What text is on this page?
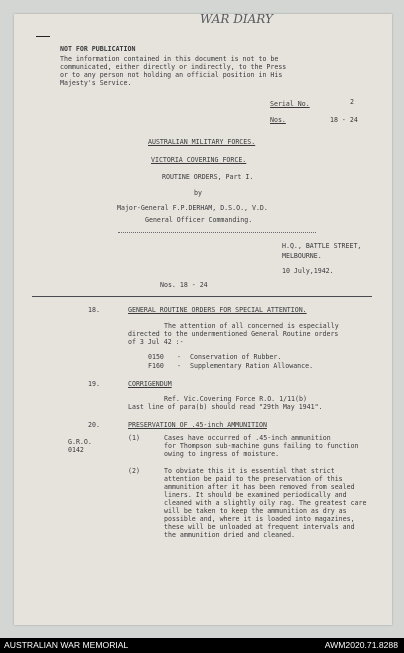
WAR DIARY
NOT FOR PUBLICATION
The information contained in this document is not to be
communicated, either directly or indirectly, to the Press
or to any person not holding an official position in His
Majesty's Service.
Serial No.	2
Nos.	18 - 24
AUSTRALIAN MILITARY FORCES.
VICTORIA COVERING FORCE.
ROUTINE ORDERS, Part I.
by
Major-General F.P.DERHAM, D.S.O., V.D.
General Officer Commanding.
H.Q., BATTLE STREET,
MELBOURNE.
10 July,1942.
Nos. 18 - 24
18.	GENERAL ROUTINE ORDERS FOR SPECIAL ATTENTION.
The attention of all concerned is especially
directed to the undermentioned General Routine orders
of 3 Jul 42 :-
0150 - Conservation of Rubber.
F160 - Supplementary Ration Allowance.
19.	CORRIGENDUM
Ref. Vic.Covering Force R.O. 1/11(b)
Last line of para(b) should read "29th May 1941".
20.	PRESERVATION OF .45-inch AMMUNITION
G.R.O.
0142
(1)	Cases have occurred of .45-inch ammunition
for Thompson sub-machine guns failing to function
owing to ingress of moisture.
(2)	To obviate this it is essential that strict
attention be paid to the preservation of this
ammunition after it has been removed from sealed
liners. It should be examined periodically and
cleaned with a slightly oily rag. The greatest care
will be taken to keep the ammunition as dry as
possible and, where it is loaded into magazines,
these will be unloaded at frequent intervals and
the ammunition dried and cleaned.
AUSTRALIAN WAR MEMORIAL	AWM2020.71.8288
